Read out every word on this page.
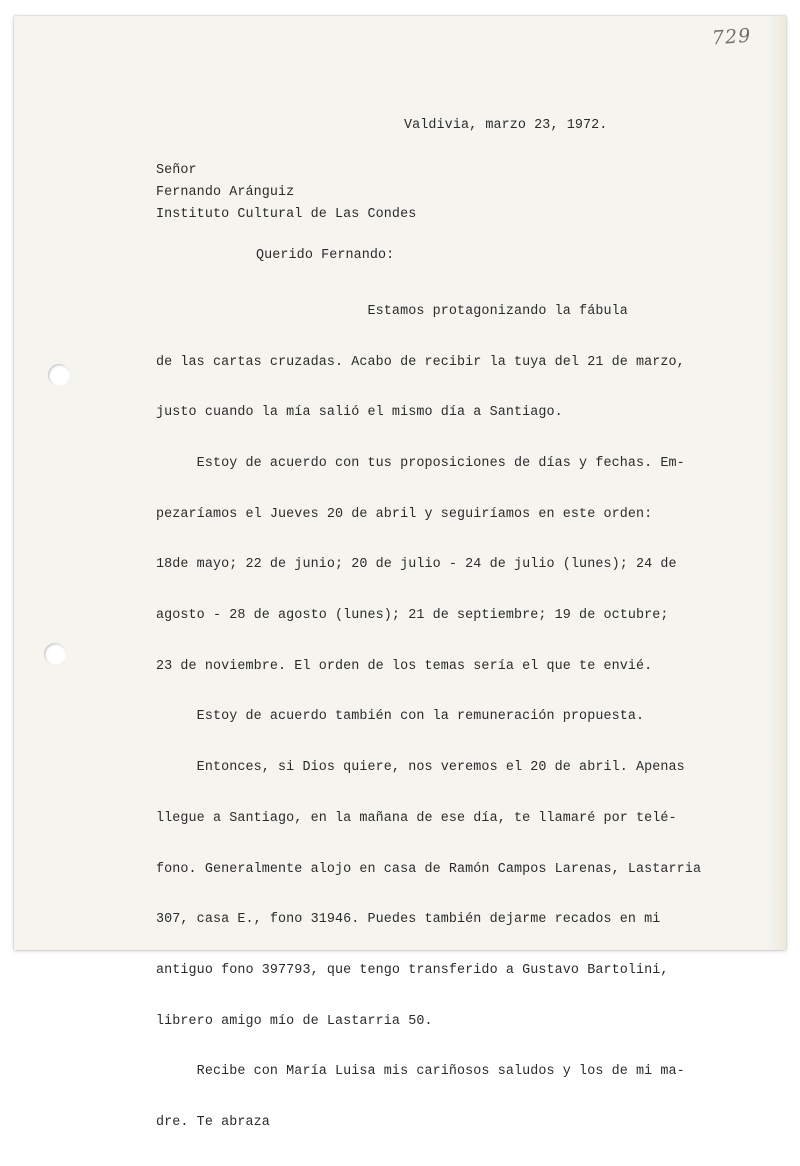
729
Valdivia, marzo 23, 1972.
Señor
Fernando Aránguiz
Instituto Cultural de Las Condes
Querido Fernando:

Estamos protagonizando la fábula

de las cartas cruzadas. Acabo de recibir la tuya del 21 de marzo,

justo cuando la mía salió el mismo día a Santiago.

Estoy de acuerdo con tus proposiciones de días y fechas. Em-

pezaríamos el Jueves 20 de abril y seguiríamos en este orden:

18de mayo; 22 de junio; 20 de julio - 24 de julio (lunes); 24 de

agosto - 28 de agosto (lunes); 21 de septiembre; 19 de octubre;

23 de noviembre. El orden de los temas sería el que te envié.

Estoy de acuerdo también con la remuneración propuesta.

Entonces, si Dios quiere, nos veremos el 20 de abril. Apenas

llegue a Santiago, en la mañana de ese día, te llamaré por telé-

fono. Generalmente alojo en casa de Ramón Campos Larenas, Lastarria

307, casa E., fono 31946. Puedes también dejarme recados en mi

antiguo fono 397793, que tengo transferido a Gustavo Bartolini,

librero amigo mío de Lastarria 50.

Recibe con María Luisa mis cariñosos saludos y los de mi ma-

dre. Te abraza
